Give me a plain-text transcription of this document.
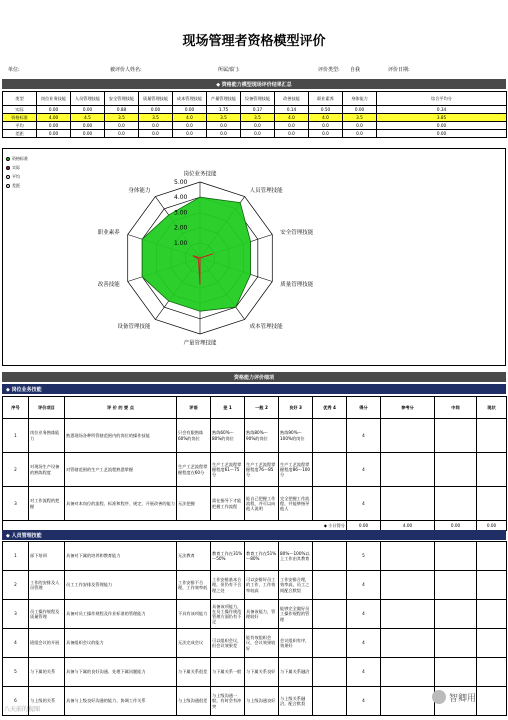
现场管理者资格模型评价
单位:	被评价人姓名:	所属部门:	评价类型: 自我	评价日期:
◆ 资格能力模型现场评价结果汇总
类型	岗位业务技能	人员管理技能	安全管理技能	质量管理技能	成本管理技能	产量管理技能	设备管理技能	改善技能	职业素养	身体能力	综合平均分
实际	0.00	0.00	0.88	0.00	0.00	1.75	0.17	0.14	0.50	0.00	0.34
资格标准	4.00	4.5	3.5	3.5	4.0	3.5	3.5	4.0	4.0	3.5	3.85
平均	0.00	0.00	0.0	0.0	0.0	0.0	0.0	0.0	0.0	0.0	0.00
差距	0.00	0.00	0.0	0.0	0.0	0.0	0.0	0.0	0.0	0.0	0.00
资格标准
实际
平均
差距
1.00
2.00
3.00
4.00
5.00
岗位业务技能
人员管理技能
安全管理技能
质量管理技能
成本管理技能
产量管理技能
设备管理技能
改善技能
职业素养
身体能力
资格能力评价细项
◆ 岗位业务技能
序号	评价项目	评 价 的 要 点	评语	差 1	一般 2	良好 3	优秀 4	得分	参考分	中间	现状
1	岗位业务熟练能力	熟悉现场各种所管辖范围内的岗位的操作技能	只会有限熟练60%的岗位	熟练60%～80%的岗位	熟练80%～90%的岗位	熟练90%～100%的岗位		4			
2	对现场生产设备的熟练程度	对管辖范围的生产工艺流程熟悉掌握	生产工艺流程掌握程度在60分	生产工艺流程掌握程度61～75分	生产工艺流程掌握程度76～85分	生产工艺流程掌握程度86～100分		4			
3	对工作流程的把握	具备对本岗位的流程、标准和程序、规定、开展改善的能力	无法把握	需在指导下才能把握工作流程	能自己把握工作流程，并可以向他人说明	完全把握工作流程，并能够指导他人		4			
◆ 小计得分								0.00	4.00	0.00	0.00
◆ 人员管理技能
1	部下培训	具备对下属的培养和教育能力	无法教育	教育工作在31%～50%	教育工作在51%～80%	80%～100%以上工作由其教育		5			
2	工作的安排及人员管理	员工工作安排及管理能力	工作安排不合理，工作效率低	工作安排基本合理，但仍有不合理之处	可以安排好员工的工作，工作效率较高	工作安排合理，效率高，员工之间配合默契		4			
3	员工操作规程及质量管理	具备对员工操作规程及作业标准的管理能力	不具有该项能力	具备该项能力，在员工操作规范管理方面仍有不足	具备该能力，管理较好	能够完全做好员工操作规程的管理		4			
4	班组会议的开展	具备组织会议的能力	无法完成会议	可以组织会议，但会议效果差	能有效组织会议，会议效果较好	会议组织有序，效果好		4			
5	与下属的关系	具备与下属的良好沟通、处理下属问题能力	与下属关系很差	与下属关系一般	与下属关系良好	与下属关系融洽		4			
6	与上级的关系	具备与上级良好沟通的能力、协调工作关系	与上级沟通很差	与上级沟通一般，有时会有冲突	与上级沟通良好	与上级关系融洽，配合默契		4				智卿用
八天前的视图
